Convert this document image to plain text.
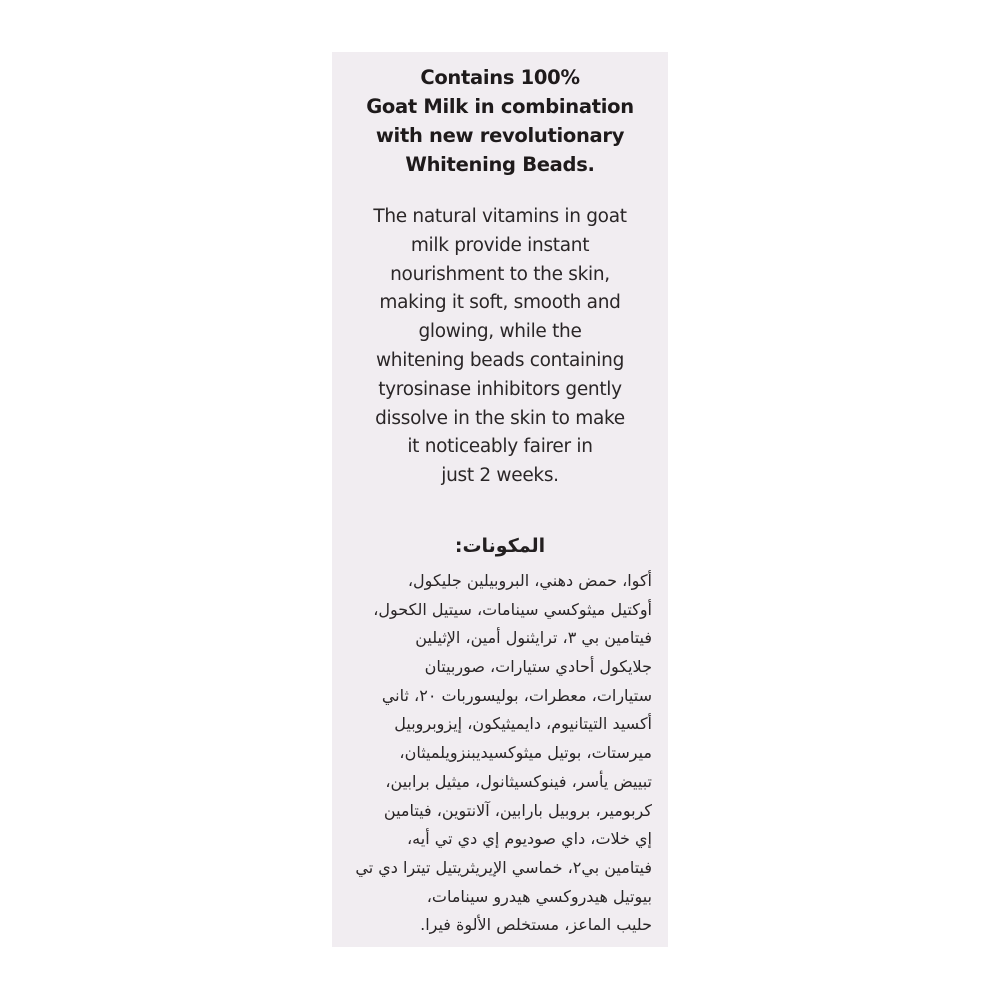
Contains 100%
Goat Milk in combination
with new revolutionary
Whitening Beads.

The natural vitamins in goat
milk provide instant
nourishment to the skin,
making it soft, smooth and
glowing, while the
whitening beads containing
tyrosinase inhibitors gently
dissolve in the skin to make
it noticeably fairer in
just 2 weeks.

المكونات:

أكوا، حمض دهني، البروبيلين جليكول،
أوكتيل ميثوكسي سينامات، سيتيل الكحول،
فيتامين بي ٣، ترايثنول أمين، الإثيلين
جلايكول أحادي ستيارات، صوربيتان
ستيارات، معطرات، بوليسوربات ٢٠، ثاني
أكسيد التيتانيوم، دايميثيكون، إيزوبروبيل
ميرستات، بوتيل ميثوكسيديبنزويلميثان،
تبييض يأسر، فينوكسيثانول، ميثيل برابين،
كربومير، بروبيل بارابين، آلانتوين، فيتامين
إي خلات، داي صوديوم إي دي تي أيه،
فيتامين بي٢، خماسي الإيريثريتيل تيترا دي تي
بيوتيل هيدروكسي هيدرو سينامات،
حليب الماعز، مستخلص الألوة فيرا.
